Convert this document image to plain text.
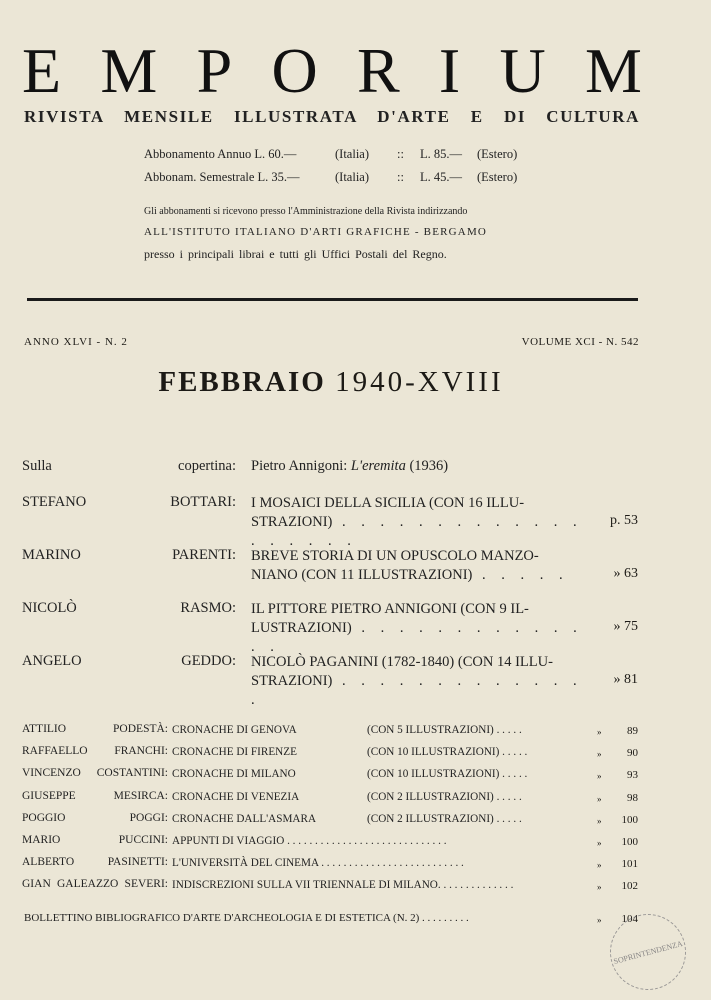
E M P O R I U M
RIVISTA MENSILE ILLUSTRATA D'ARTE E DI CULTURA
Abbonamento Annuo L. 60.—	(Italia) :: L. 85.— (Estero)
Abbonam. Semestrale L. 35.—	(Italia) :: L. 45.— (Estero)
Gli abbonamenti si ricevono presso l'Amministrazione della Rivista indirizzando
ALL'ISTITUTO ITALIANO D'ARTI GRAFICHE - BERGAMO
presso i principali librai e tutti gli Uffici Postali del Regno.
ANNO XLVI - N. 2	VOLUME XCI - N. 542
FEBBRAIO 1940-XVIII
Sulla copertina: Pietro Annigoni: L'eremita (1936)
STEFANO BOTTARI: I MOSAICI DELLA SICILIA (CON 16 ILLU- STRAZIONI) . . . . . . . . . . . . . . . . . . .
p. 53
MARINO PARENTI: BREVE STORIA DI UN OPUSCOLO MANZO- NIANO (CON 11 ILLUSTRAZIONI) . . . . .	» 63
NICOLÒ RASMO: IL PITTORE PIETRO ANNIGONI (CON 9 IL- LUSTRAZIONI) . . . . . . . . . . . . . .
» 75
ANGELO GEDDO: NICOLÒ PAGANINI (1782-1840) (CON 14 ILLU- STRAZIONI) . . . . . . . . . . . . . .
» 81
ATTILIO PODESTÀ: CRONACHE DI GENOVA	(CON 5 ILLUSTRAZIONI) . . . . .	»	89
RAFFAELLO FRANCHI: CRONACHE DI FIRENZE	(CON 10 ILLUSTRAZIONI) . . . . .	»	90
VINCENZO COSTANTINI: CRONACHE DI MILANO	(CON 10 ILLUSTRAZIONI) . . . . .	»	93
GIUSEPPE MESIRCA: CRONACHE DI VENEZIA	(CON 2 ILLUSTRAZIONI) . . . . .	»	98
POGGIO POGGI: CRONACHE DALL'ASMARA	(CON 2 ILLUSTRAZIONI) . . . . .	»	100
MARIO PUCCINI: APPUNTI DI VIAGGIO . . . . . . . . . . . . . . . . . . . . . . . . . . . . .	»	100
ALBERTO PASINETTI: L'UNIVERSITÀ DEL CINEMA . . . . . . . . . . . . . . . . . . . . . . . . . .	»	101
GIAN GALEAZZO SEVERI: INDISCREZIONI SULLA VII TRIENNALE DI MILANO. . . . . . . . . . . . . .	»	102
BOLLETTINO BIBLIOGRAFICO D'ARTE D'ARCHEOLOGIA E DI ESTETICA (N. 2) . . . . . . . . .	»	104
SOPRINTENDENZA
